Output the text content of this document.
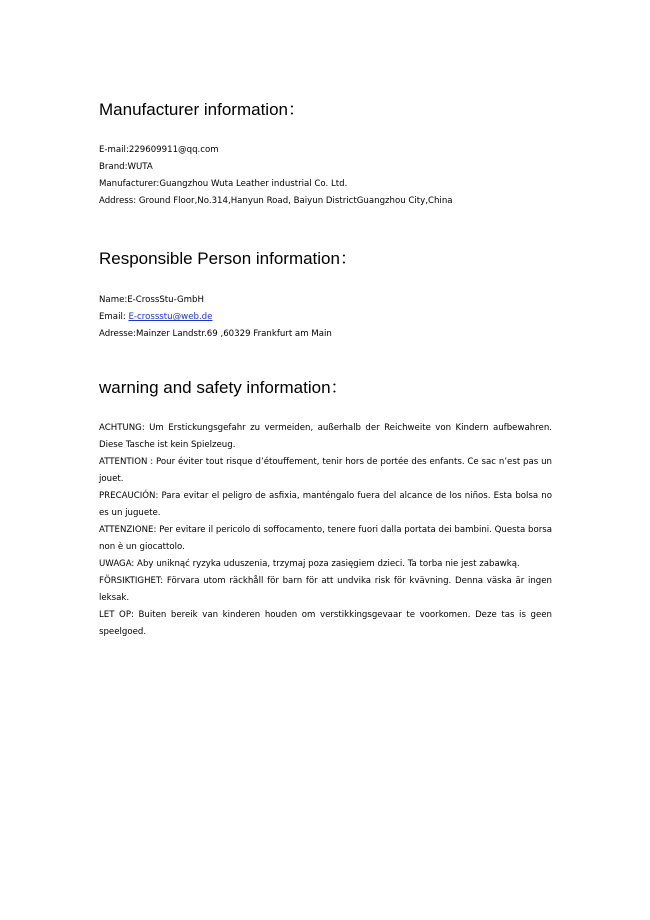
Manufacturer information：

E-mail:229609911@qq.com

Brand:WUTA

Manufacturer:Guangzhou Wuta Leather industrial Co. Ltd.

Address: Ground Floor,No.314,Hanyun Road, Baiyun DistrictGuangzhou City,China

Responsible Person information：

Name:E-CrossStu-GmbH

Email: E-crossstu@web.de

Adresse:Mainzer Landstr.69 ,60329 Frankfurt am Main

warning and safety information：

ACHTUNG: Um Erstickungsgefahr zu vermeiden, außerhalb der Reichweite von Kindern aufbewahren. Diese Tasche ist kein Spielzeug.

ATTENTION : Pour éviter tout risque d’étouffement, tenir hors de portée des enfants. Ce sac n’est pas un jouet.

PRECAUCIÓN: Para evitar el peligro de asfixia, manténgalo fuera del alcance de los niños. Esta bolsa no es un juguete.

ATTENZIONE: Per evitare il pericolo di soffocamento, tenere fuori dalla portata dei bambini. Questa borsa non è un giocattolo.

UWAGA: Aby uniknąć ryzyka uduszenia, trzymaj poza zasięgiem dzieci. Ta torba nie jest zabawką.

FÖRSIKTIGHET: Förvara utom räckhåll för barn för att undvika risk för kvävning. Denna väska är ingen leksak.

LET OP: Buiten bereik van kinderen houden om verstikkingsgevaar te voorkomen. Deze tas is geen speelgoed.
